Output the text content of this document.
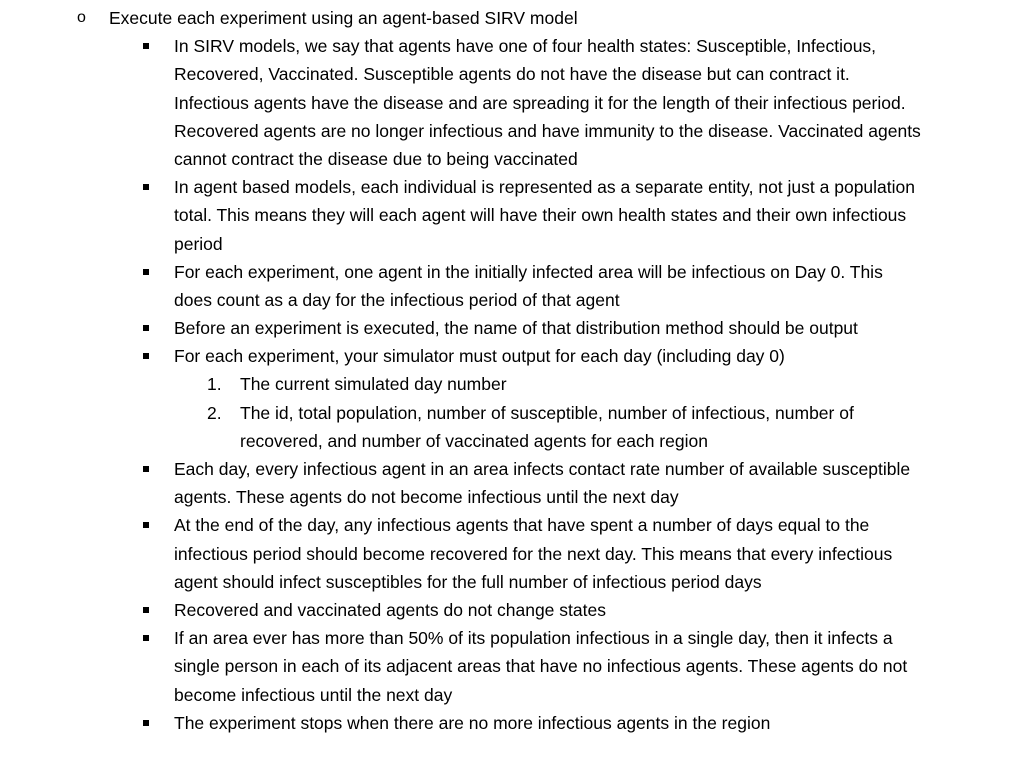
o Execute each experiment using an agent-based SIRV model
In SIRV models, we say that agents have one of four health states: Susceptible, Infectious,
Recovered, Vaccinated. Susceptible agents do not have the disease but can contract it.
Infectious agents have the disease and are spreading it for the length of their infectious period.
Recovered agents are no longer infectious and have immunity to the disease. Vaccinated agents
cannot contract the disease due to being vaccinated
In agent based models, each individual is represented as a separate entity, not just a population
total. This means they will each agent will have their own health states and their own infectious
period
For each experiment, one agent in the initially infected area will be infectious on Day 0. This
does count as a day for the infectious period of that agent
Before an experiment is executed, the name of that distribution method should be output
For each experiment, your simulator must output for each day (including day 0)
1. The current simulated day number
2. The id, total population, number of susceptible, number of infectious, number of
recovered, and number of vaccinated agents for each region
Each day, every infectious agent in an area infects contact rate number of available susceptible
agents. These agents do not become infectious until the next day
At the end of the day, any infectious agents that have spent a number of days equal to the
infectious period should become recovered for the next day. This means that every infectious
agent should infect susceptibles for the full number of infectious period days
Recovered and vaccinated agents do not change states
If an area ever has more than 50% of its population infectious in a single day, then it infects a
single person in each of its adjacent areas that have no infectious agents. These agents do not
become infectious until the next day
The experiment stops when there are no more infectious agents in the region
